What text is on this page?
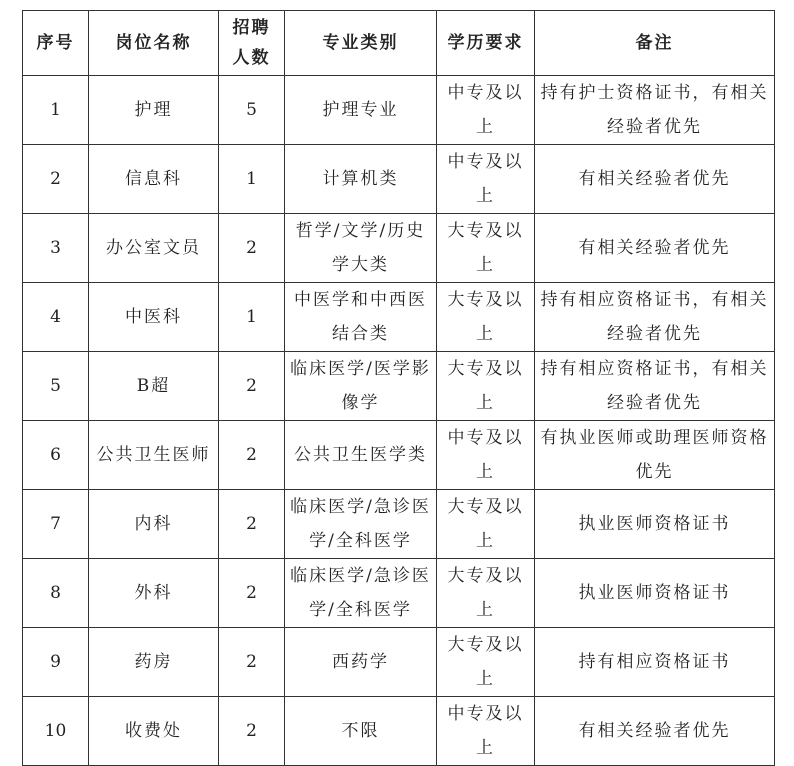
序号	岗位名称	招聘人数	专业类别	学历要求	备注
1	护理	5	护理专业	中专及以上	持有护士资格证书，有相关经验者优先
2	信息科	1	计算机类	中专及以上	有相关经验者优先
3	办公室文员	2	哲学/文学/历史学大类	大专及以上	有相关经验者优先
4	中医科	1	中医学和中西医结合类	大专及以上	持有相应资格证书，有相关经验者优先
5	B超	2	临床医学/医学影像学	大专及以上	持有相应资格证书，有相关经验者优先
6	公共卫生医师	2	公共卫生医学类	中专及以上	有执业医师或助理医师资格优先
7	内科	2	临床医学/急诊医学/全科医学	大专及以上	执业医师资格证书
8	外科	2	临床医学/急诊医学/全科医学	大专及以上	执业医师资格证书
9	药房	2	西药学	大专及以上	持有相应资格证书
10	收费处	2	不限	中专及以上	有相关经验者优先
